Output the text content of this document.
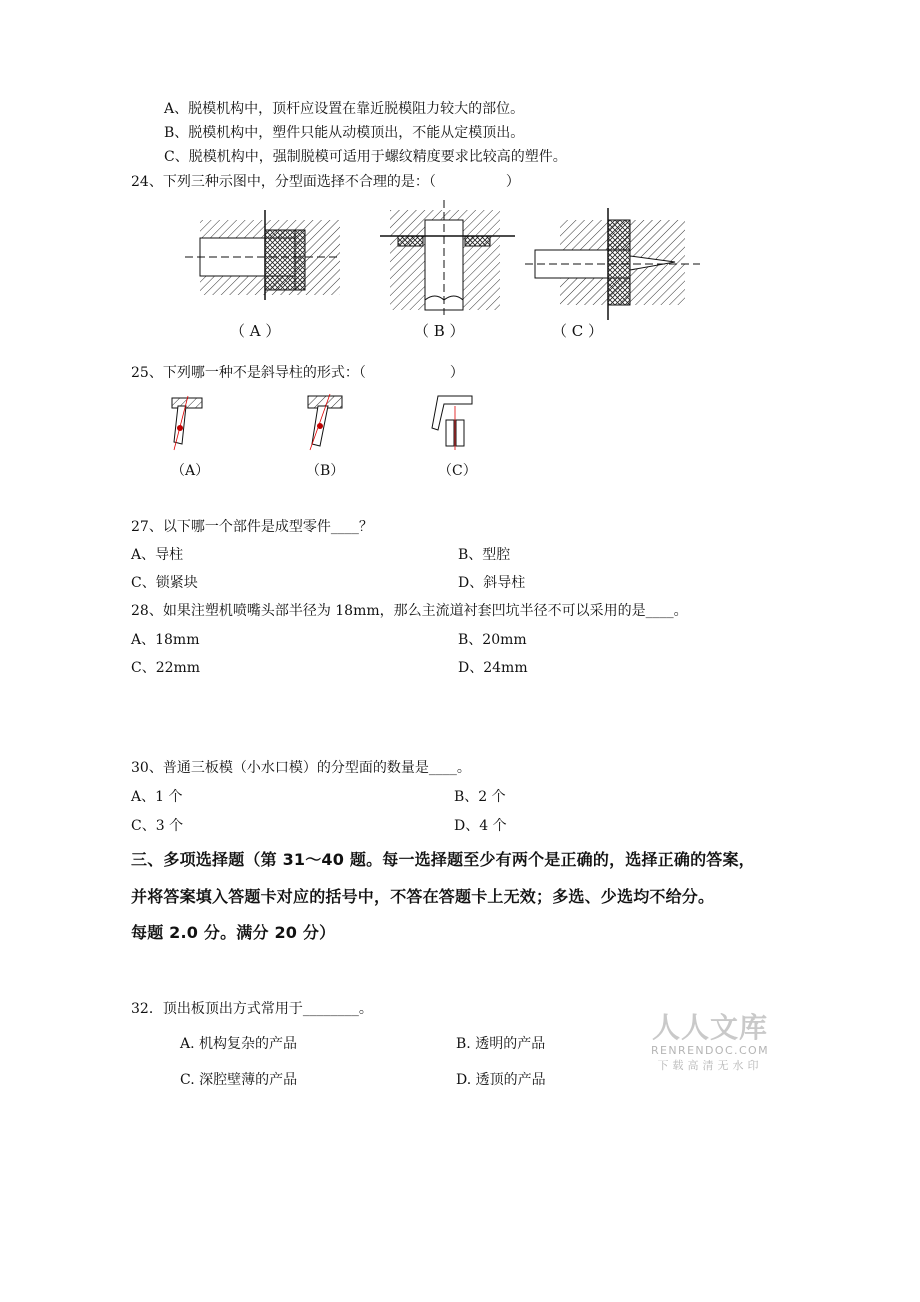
A、脱模机构中，顶杆应设置在靠近脱模阻力较大的部位。
B、脱模机构中，塑件只能从动模顶出，不能从定模顶出。
C、脱模机构中，强制脱模可适用于螺纹精度要求比较高的塑件。
24、下列三种示图中，分型面选择不合理的是：（　　　　　）
（ A ）	（ B ）	（ C ）
25、下列哪一种不是斜导柱的形式：（　　　　　　）
（A）	（B）	（C）
27、以下哪一个部件是成型零件____？
A、导柱	B、型腔
C、锁紧块	D、斜导柱
28、如果注塑机喷嘴头部半径为 18mm，那么主流道衬套凹坑半径不可以采用的是____。
A、18mm	B、20mm
C、22mm	D、24mm
30、普通三板模（小水口模）的分型面的数量是____。
A、1 个	B、2 个
C、3 个	D、4 个
三、多项选择题（第 31～40 题。每一选择题至少有两个是正确的，选择正确的答案，
并将答案填入答题卡对应的括号中，不答在答题卡上无效；多选、少选均不给分。
每题 2.0 分。满分 20 分）
32．顶出板顶出方式常用于________。
A. 机构复杂的产品	B. 透明的产品
C. 深腔壁薄的产品	D. 透顶的产品
人人文库
RENRENDOC.COM
下载高清无水印
